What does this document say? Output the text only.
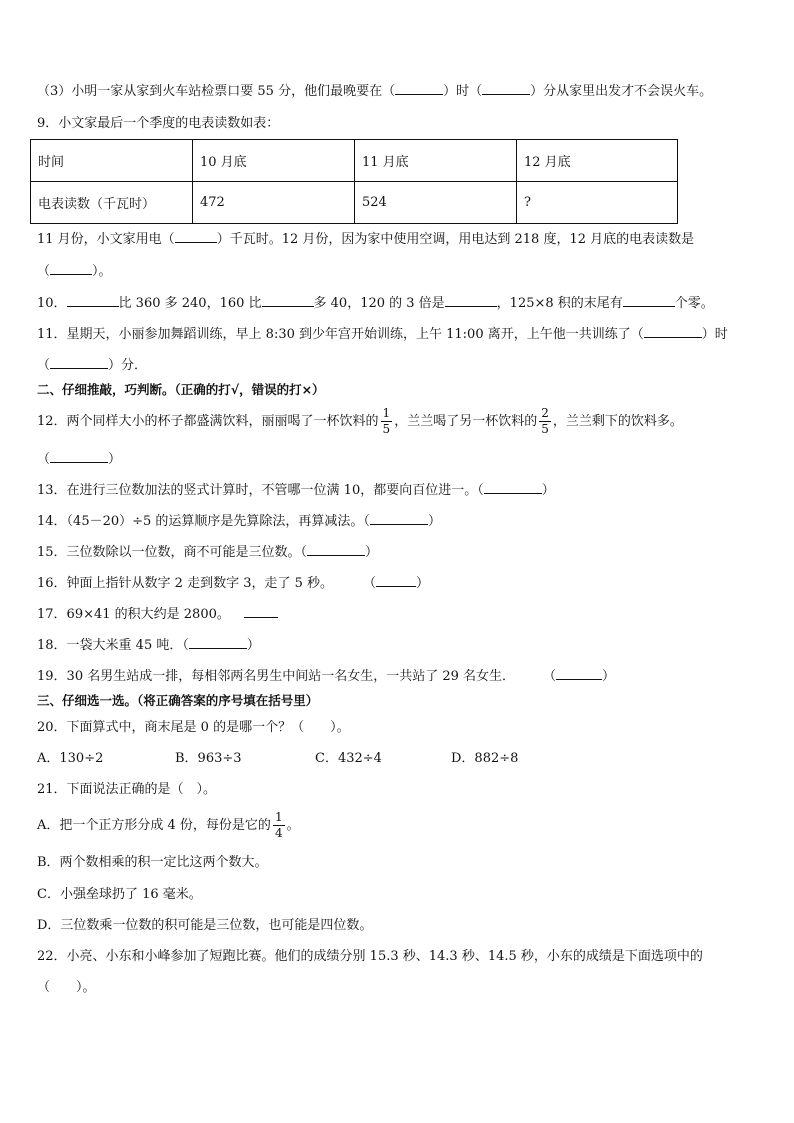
（3）小明一家从家到火车站检票口要 55 分，他们最晚要在（	）时（	）分从家里出发才不会误火车。
9．小文家最后一个季度的电表读数如表：
时间	10 月底	11 月底	12 月底
电表读数（千瓦时）	472	524	?
11 月份，小文家用电（	）千瓦时。12 月份，因为家中使用空调，用电达到 218 度，12 月底的电表读数是
（	）。
10．	比 360 多 240，160 比	多 40，120 的 3 倍是	，125×8 积的末尾有	个零。
11．星期天，小丽参加舞蹈训练，早上 8:30 到少年宫开始训练，上午 11:00 离开，上午他一共训练了（	）时
（	）分．
二、仔细推敲，巧判断。（正确的打√，错误的打×）
12．两个同样大小的杯子都盛满饮料，丽丽喝了一杯饮料的 $\frac{1}{5}$ ，兰兰喝了另一杯饮料的 $\frac{2}{5}$ ，兰兰剩下的饮料多。
（	）
13．在进行三位数加法的竖式计算时，不管哪一位满 10，都要向百位进一。（	）
14．（45－20）÷5 的运算顺序是先算除法，再算减法。（	）
15．三位数除以一位数，商不可能是三位数。（	）
16．钟面上指针从数字 2 走到数字 3，走了 5 秒。 （	）
17．69×41 的积大约是 2800。
18．一袋大米重 45 吨．（	）
19．30 名男生站成一排，每相邻两名男生中间站一名女生，一共站了 29 名女生． （	）
三、仔细选一选。（将正确答案的序号填在括号里）
20．下面算式中，商末尾是 0 的是哪一个？（　　）。
A．130÷2	B．963÷3	C．432÷4	D．882÷8
21．下面说法正确的是（　）。
A．把一个正方形分成 4 份，每份是它的 $\frac{1}{4}$ 。
B．两个数相乘的积一定比这两个数大。
C．小强垒球扔了 16 毫米。
D．三位数乘一位数的积可能是三位数，也可能是四位数。
22．小亮、小东和小峰参加了短跑比赛。他们的成绩分别 15.3 秒、14.3 秒、14.5 秒，小东的成绩是下面选项中的
（　　）。
